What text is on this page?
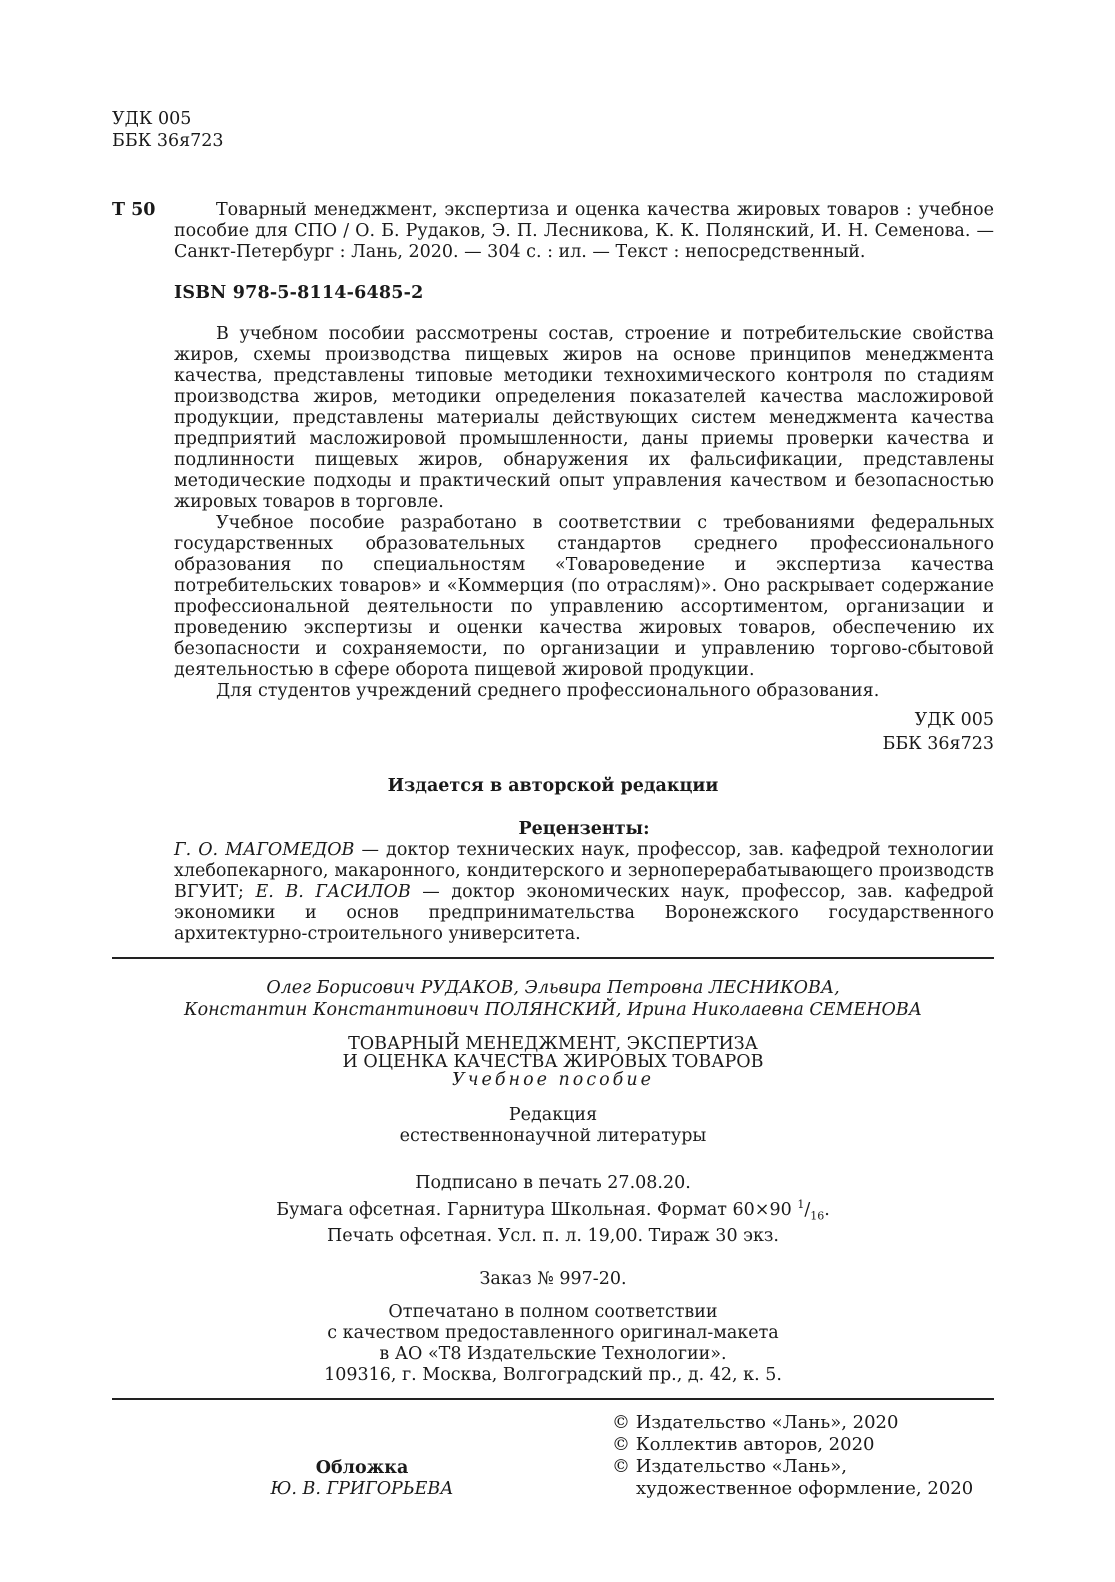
УДК 005
ББК 36я723
Т 50	Товарный менеджмент, экспертиза и оценка качества жировых товаров : учебное пособие для СПО / О. Б. Рудаков, Э. П. Лесникова, К. К. Полянский, И. Н. Семенова. — Санкт-Петербург : Лань, 2020. — 304 с. : ил. — Текст : непосредственный.
ISBN 978-5-8114-6485-2

В учебном пособии рассмотрены состав, строение и потребительские свойства жиров, схемы производства пищевых жиров на основе принципов менеджмента качества, представлены типовые методики технохимического контроля по стадиям производства жиров, методики определения показателей качества масложировой продукции, представлены материалы действующих систем менеджмента качества предприятий масложировой промышленности, даны приемы проверки качества и подлинности пищевых жиров, обнаружения их фальсификации, представлены методические подходы и практический опыт управления качеством и безопасностью жировых товаров в торговле.

Учебное пособие разработано в соответствии с требованиями федеральных государственных образовательных стандартов среднего профессионального образования по специальностям «Товароведение и экспертиза качества потребительских товаров» и «Коммерция (по отраслям)». Оно раскрывает содержание профессиональной деятельности по управлению ассортиментом, организации и проведению экспертизы и оценки качества жировых товаров, обеспечению их безопасности и сохраняемости, по организации и управлению торгово-сбытовой деятельностью в сфере оборота пищевой жировой продукции.

Для студентов учреждений среднего профессионального образования.

УДК 005
ББК 36я723
Издается в авторской редакции
Рецензенты:
Г. О. МАГОМЕДОВ — доктор технических наук, профессор, зав. кафедрой технологии хлебопекарного, макаронного, кондитерского и зерноперерабатывающего производств ВГУИТ; Е. В. ГАСИЛОВ — доктор экономических наук, профессор, зав. кафедрой экономики и основ предпринимательства Воронежского государственного архитектурно-строительного университета.
Олег Борисович РУДАКОВ, Эльвира Петровна ЛЕСНИКОВА,
Константин Константинович ПОЛЯНСКИЙ, Ирина Николаевна СЕМЕНОВА
ТОВАРНЫЙ МЕНЕДЖМЕНТ, ЭКСПЕРТИЗА
И ОЦЕНКА КАЧЕСТВА ЖИРОВЫХ ТОВАРОВ
Учебное пособие
Редакция
естественнонаучной литературы
Подписано в печать 27.08.20.
Бумага офсетная. Гарнитура Школьная. Формат 60×90 $^1/_{16}$.
Печать офсетная. Усл. п. л. 19,00. Тираж 30 экз.
Заказ № 997-20.
Отпечатано в полном соответствии
с качеством предоставленного оригинал-макета
в АО «Т8 Издательские Технологии».
109316, г. Москва, Волгоградский пр., д. 42, к. 5.
Обложка
Ю. В. ГРИГОРЬЕВА
© Издательство «Лань», 2020
© Коллектив авторов, 2020
© Издательство «Лань»,
художественное оформление, 2020
